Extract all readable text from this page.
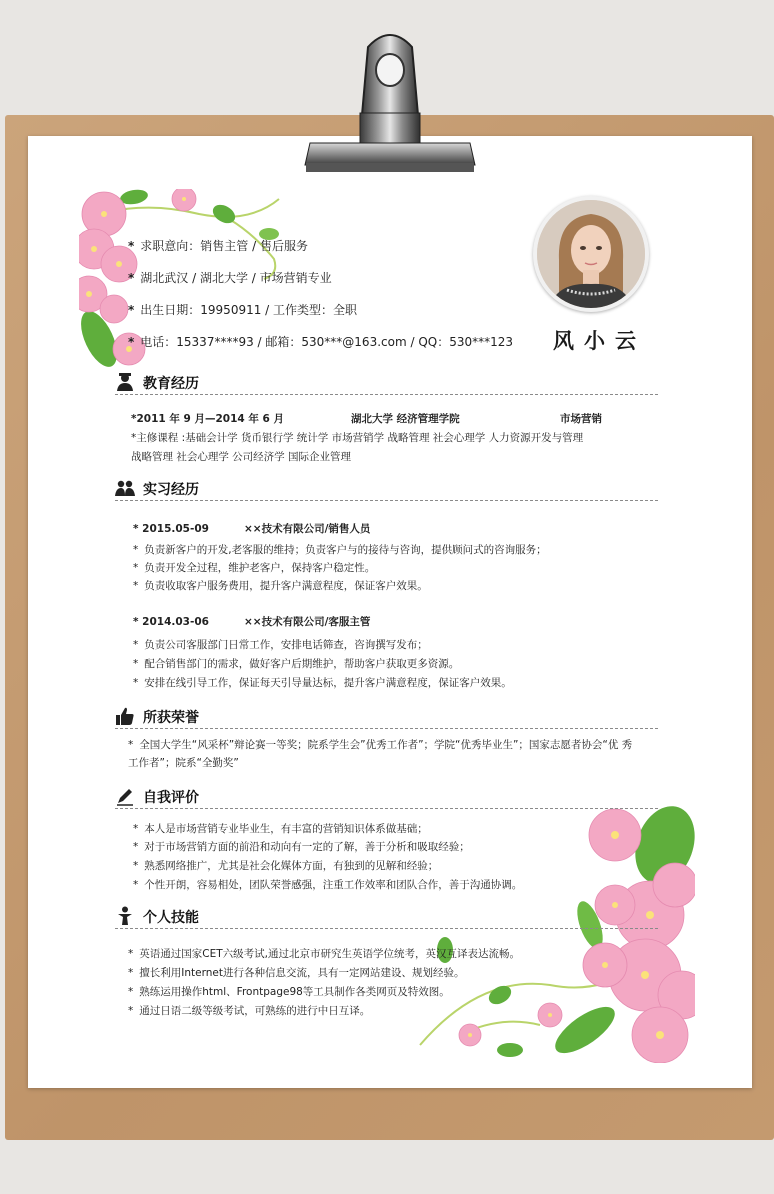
风小云
* 求职意向：销售主管 / 售后服务
* 湖北武汉 / 湖北大学 / 市场营销专业
* 出生日期：19950911 / 工作类型：全职
* 电话：15337****93 / 邮箱：530***@163.com / QQ：530***123
教育经历
*2011 年 9 月—2014 年 6 月	湖北大学 经济管理学院	市场营销
*主修课程 :基础会计学 货币银行学 统计学 市场营销学 战略管理 社会心理学 人力资源开发与管理
战略管理 社会心理学 公司经济学 国际企业管理
实习经历
* 2015.05-09	××技术有限公司/销售人员
* 负责新客户的开发,老客服的维持；负责客户与的接待与咨询，提供顾问式的咨询服务；
* 负责开发全过程，维护老客户，保持客户稳定性。
* 负责收取客户服务费用，提升客户满意程度，保证客户效果。
* 2014.03-06	××技术有限公司/客服主管
* 负责公司客服部门日常工作，安排电话筛查，咨询撰写发布；
* 配合销售部门的需求，做好客户后期维护，帮助客户获取更多资源。
* 安排在线引导工作，保证每天引导量达标，提升客户满意程度，保证客户效果。
所获荣誉
* 全国大学生“风采杯”辩论赛一等奖；院系学生会”优秀工作者”；学院“优秀毕业生”；国家志愿者协会“优 秀
工作者”；院系“全勤奖”
自我评价
* 本人是市场营销专业毕业生，有丰富的营销知识体系做基础；
* 对于市场营销方面的前沿和动向有一定的了解，善于分析和吸取经验；
* 熟悉网络推广，尤其是社会化媒体方面，有独到的见解和经验；
* 个性开朗，容易相处，团队荣誉感强，注重工作效率和团队合作，善于沟通协调。
个人技能
* 英语通过国家CET六级考试,通过北京市研究生英语学位统考，英汉互译表达流畅。
* 擅长利用Internet进行各种信息交流，具有一定网站建设、规划经验。
* 熟练运用操作html、Frontpage98等工具制作各类网页及特效图。
* 通过日语二级等级考试，可熟练的进行中日互译。
